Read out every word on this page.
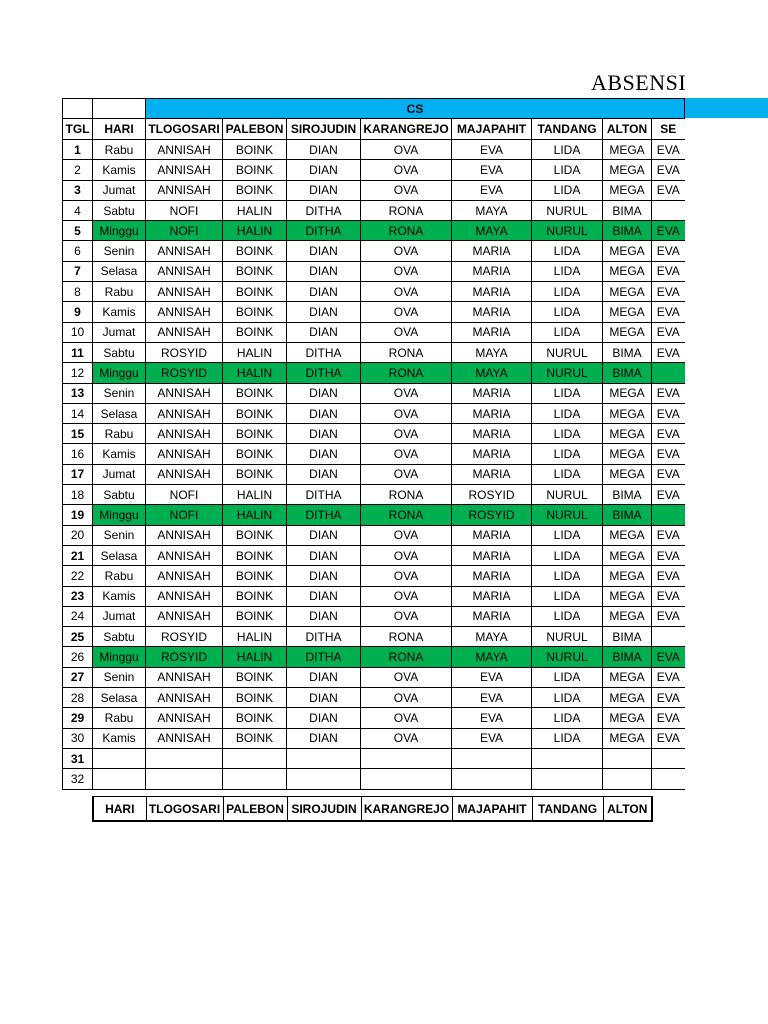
ABSENSI
		CS							
TGL	HARI	TLOGOSARI	PALEBON	SIROJUDIN	KARANGREJO	MAJAPAHIT	TANDANG	ALTON	SE
1	Rabu	ANNISAH	BOINK	DIAN	OVA	EVA	LIDA	MEGA	EVA
2	Kamis	ANNISAH	BOINK	DIAN	OVA	EVA	LIDA	MEGA	EVA
3	Jumat	ANNISAH	BOINK	DIAN	OVA	EVA	LIDA	MEGA	EVA
4	Sabtu	NOFI	HALIN	DITHA	RONA	MAYA	NURUL	BIMA	
5	Minggu	NOFI	HALIN	DITHA	RONA	MAYA	NURUL	BIMA	EVA
6	Senin	ANNISAH	BOINK	DIAN	OVA	MARIA	LIDA	MEGA	EVA
7	Selasa	ANNISAH	BOINK	DIAN	OVA	MARIA	LIDA	MEGA	EVA
8	Rabu	ANNISAH	BOINK	DIAN	OVA	MARIA	LIDA	MEGA	EVA
9	Kamis	ANNISAH	BOINK	DIAN	OVA	MARIA	LIDA	MEGA	EVA
10	Jumat	ANNISAH	BOINK	DIAN	OVA	MARIA	LIDA	MEGA	EVA
11	Sabtu	ROSYID	HALIN	DITHA	RONA	MAYA	NURUL	BIMA	EVA
12	Minggu	ROSYID	HALIN	DITHA	RONA	MAYA	NURUL	BIMA	
13	Senin	ANNISAH	BOINK	DIAN	OVA	MARIA	LIDA	MEGA	EVA
14	Selasa	ANNISAH	BOINK	DIAN	OVA	MARIA	LIDA	MEGA	EVA
15	Rabu	ANNISAH	BOINK	DIAN	OVA	MARIA	LIDA	MEGA	EVA
16	Kamis	ANNISAH	BOINK	DIAN	OVA	MARIA	LIDA	MEGA	EVA
17	Jumat	ANNISAH	BOINK	DIAN	OVA	MARIA	LIDA	MEGA	EVA
18	Sabtu	NOFI	HALIN	DITHA	RONA	ROSYID	NURUL	BIMA	EVA
19	Minggu	NOFI	HALIN	DITHA	RONA	ROSYID	NURUL	BIMA	
20	Senin	ANNISAH	BOINK	DIAN	OVA	MARIA	LIDA	MEGA	EVA
21	Selasa	ANNISAH	BOINK	DIAN	OVA	MARIA	LIDA	MEGA	EVA
22	Rabu	ANNISAH	BOINK	DIAN	OVA	MARIA	LIDA	MEGA	EVA
23	Kamis	ANNISAH	BOINK	DIAN	OVA	MARIA	LIDA	MEGA	EVA
24	Jumat	ANNISAH	BOINK	DIAN	OVA	MARIA	LIDA	MEGA	EVA
25	Sabtu	ROSYID	HALIN	DITHA	RONA	MAYA	NURUL	BIMA	
26	Minggu	ROSYID	HALIN	DITHA	RONA	MAYA	NURUL	BIMA	EVA
27	Senin	ANNISAH	BOINK	DIAN	OVA	EVA	LIDA	MEGA	EVA
28	Selasa	ANNISAH	BOINK	DIAN	OVA	EVA	LIDA	MEGA	EVA
29	Rabu	ANNISAH	BOINK	DIAN	OVA	EVA	LIDA	MEGA	EVA
30	Kamis	ANNISAH	BOINK	DIAN	OVA	EVA	LIDA	MEGA	EVA
31									
32									
HARI	TLOGOSARI	PALEBON	SIROJUDIN	KARANGREJO	MAJAPAHIT	TANDANG	ALTON
